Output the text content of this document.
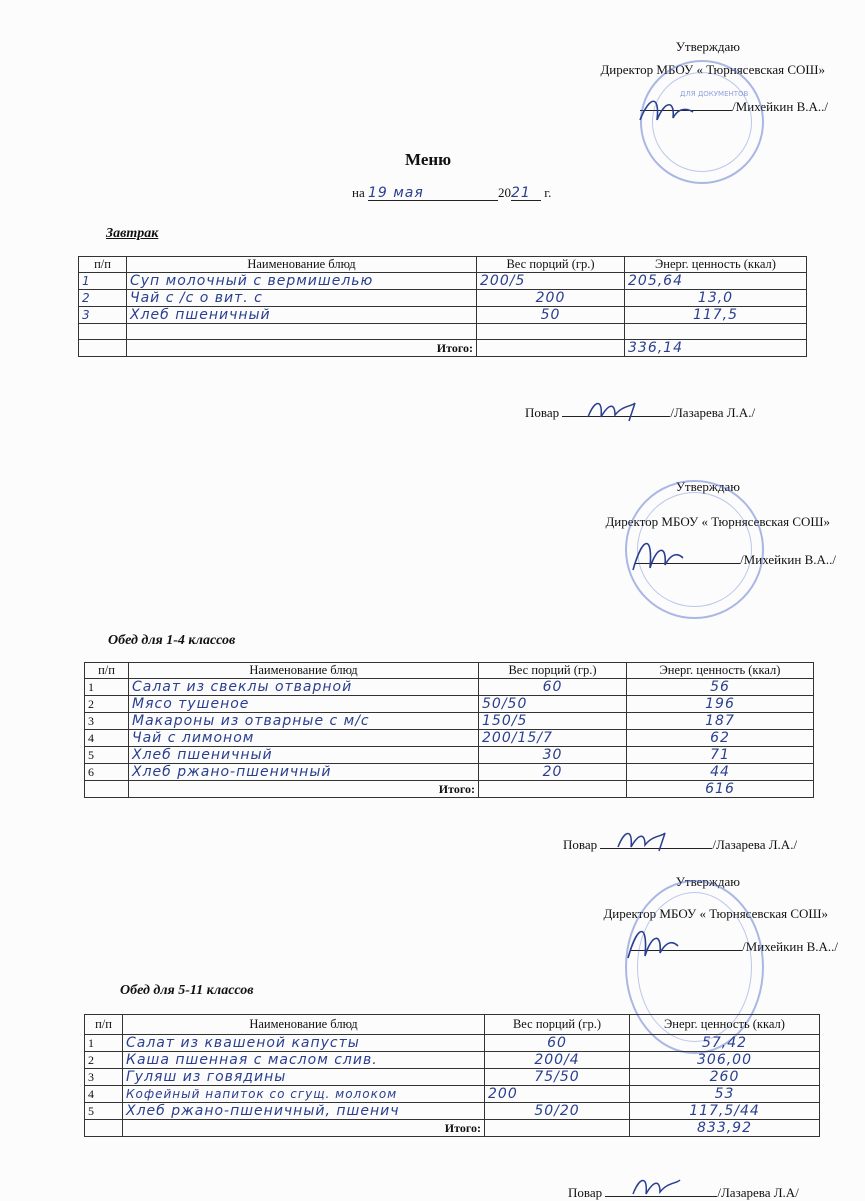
Утверждаю
Директор МБОУ « Тюрнясевская СОШ»
/Михейкин В.А../
ДЛЯ ДОКУМЕНТОВ
Меню
на 19 мая	2021 г.
Завтрак
п/п	Наименование блюд	Вес порций (гр.)	Энерг. ценность (ккал)
1	Суп молочный с вермишелью	200/5	205,64
2	Чай с /с о вит. с	200	13,0
3	Хлеб пшеничный	50	117,5

	Итого:		336,14
Повар	/Лазарева Л.А./
Утверждаю
Директор МБОУ « Тюрнясевская СОШ»
/Михейкин В.А../
Обед для 1-4 классов
п/п	Наименование блюд	Вес порций (гр.)	Энерг. ценность (ккал)
1	Салат из свеклы отварной	60	56
2	Мясо тушеное	50/50	196
3	Макароны из отварные с м/с	150/5	187
4	Чай с лимоном	200/15/7	62
5	Хлеб пшеничный	30	71
6	Хлеб ржано-пшеничный	20	44
	Итого:		616
Повар	/Лазарева Л.А./
Утверждаю
Директор МБОУ « Тюрнясевская СОШ»
/Михейкин В.А../
Обед для 5-11 классов
п/п	Наименование блюд	Вес порций (гр.)	Энерг. ценность (ккал)
1	Салат из квашеной капусты	60	57,42
2	Каша пшенная с маслом слив.	200/4	306,00
3	Гуляш из говядины	75/50	260
4	Кофейный напиток со сгущ. молоком	200	53
5	Хлеб ржано-пшеничный, пшенич	50/20	117,5/44
	Итого:		833,92
Повар	/Лазарева Л.А/
